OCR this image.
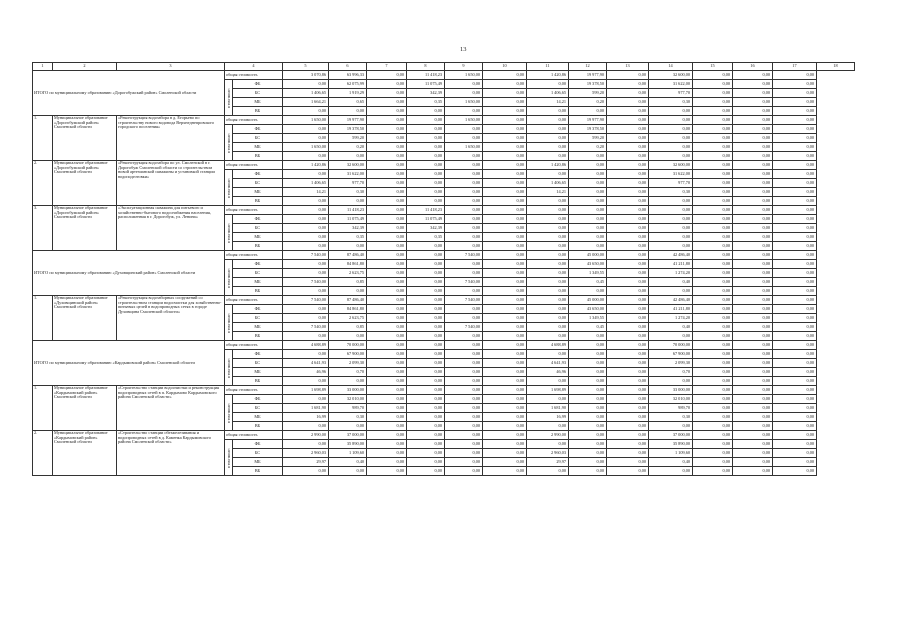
13
1	2	3	4		5	6	7	8	9	10	11	12	13	14	15	16	17	18
ИТОГО по муниципальному образованию «Дорогобужский район» Смоленской области			общая стоимость		3 070,86	63 996,33	0,00	11 418,23	1 650,00	0,00	1 420,86	19 977,90	0,00	32 600,00	0,00	0,00	0,00	

			в том числе:	ФБ	0,00	62 075,99	0,00	11 075,49	0,00	0,00	0,00	19 378,50	0,00	31 622,00	0,00	0,00	0,00	
				БС	1 406,65	1 919,29	0,00	342,39	0,00	0,00	1 406,65	599,20	0,00	977,70	0,00	0,00	0,00	
				МБ	1 664,21	0,65	0,00	0,35	1 650,00	0,00	14,21	0,20	0,00	0,30	0,00	0,00	0,00	
				ВБ	0,00	0,00	0,00	0,00	0,00	0,00	0,00	0,00	0,00	0,00	0,00	0,00	0,00	
1.	Муниципальное образование «Дорогобужский район» Смоленской области	«Реконструкция водозабора в д. Егорьево по строительству нового водовода Верхнеднепровского городского поселения»	общая стоимость		1 650,00	19 977,90	0,00	0,00	1 650,00	0,00	0,00	19 977,90	0,00	0,00	0,00	0,00	0,00	

			в том числе:	ФБ	0,00	19 378,50	0,00	0,00	0,00	0,00	0,00	19 378,50	0,00	0,00	0,00	0,00	0,00	
				БС	0,00	599,20	0,00	0,00	0,00	0,00	0,00	599,20	0,00	0,00	0,00	0,00	0,00	
				МБ	1 650,00	0,20	0,00	0,00	1 650,00	0,00	0,00	0,20	0,00	0,00	0,00	0,00	0,00	
				ВБ	0,00	0,00	0,00	0,00	0,00	0,00	0,00	0,00	0,00	0,00	0,00	0,00	0,00	
2.	Муниципальное образование «Дорогобужский район» Смоленской области	«Реконструкция водозабора по ул. Смоленской в г. Дорогобуж Смоленской области со строительством новой артезианской скважины и установкой станции водоподготовки»	общая стоимость		1 420,86	32 600,00	0,00	0,00	0,00	0,00	1 420,86	0,00	0,00	32 600,00	0,00	0,00	0,00	

			в том числе:	ФБ	0,00	31 622,00	0,00	0,00	0,00	0,00	0,00	0,00	0,00	31 622,00	0,00	0,00	0,00	
				БС	1 406,65	977,70	0,00	0,00	0,00	0,00	1 406,65	0,00	0,00	977,70	0,00	0,00	0,00	
				МБ	14,21	0,30	0,00	0,00	0,00	0,00	14,21	0,00	0,00	0,30	0,00	0,00	0,00	
				ВБ	0,00	0,00	0,00	0,00	0,00	0,00	0,00	0,00	0,00	0,00	0,00	0,00	0,00	
3.	Муниципальное образование «Дорогобужский район» Смоленской области	«Эксплуатационная скважина для питьевого и хозяйственно-бытового водоснабжения населения, расположенная в г. Дорогобуж, ул. Ленина»	общая стоимость		0,00	11 418,23	0,00	11 418,23	0,00	0,00	0,00	0,00	0,00	0,00	0,00	0,00	0,00	

			в том числе:	ФБ	0,00	11 075,49	0,00	11 075,49	0,00	0,00	0,00	0,00	0,00	0,00	0,00	0,00	0,00	
				БС	0,00	342,39	0,00	342,39	0,00	0,00	0,00	0,00	0,00	0,00	0,00	0,00	0,00	
				МБ	0,00	0,35	0,00	0,35	0,00	0,00	0,00	0,00	0,00	0,00	0,00	0,00	0,00	
				ВБ	0,00	0,00	0,00	0,00	0,00	0,00	0,00	0,00	0,00	0,00	0,00	0,00	0,00	
ИТОГО по муниципальному образованию «Духовщинский район» Смоленской области			общая стоимость		7 540,00	87 486,40	0,00	0,00	7 540,00	0,00	0,00	45 000,00	0,00	42 486,40	0,00	0,00	0,00	

			в том числе:	ФБ	0,00	84 861,80	0,00	0,00	0,00	0,00	0,00	43 650,00	0,00	41 211,80	0,00	0,00	0,00	
				БС	0,00	2 623,75	0,00	0,00	0,00	0,00	0,00	1 349,55	0,00	1 274,20	0,00	0,00	0,00	
				МБ	7 540,00	0,85	0,00	0,00	7 540,00	0,00	0,00	0,45	0,00	0,40	0,00	0,00	0,00	
				ВБ	0,00	0,00	0,00	0,00	0,00	0,00	0,00	0,00	0,00	0,00	0,00	0,00	0,00	
1.	Муниципальное образование «Духовщинский район» Смоленской области	«Реконструкция водозаборных сооружений со строительством станции водоочистки для хозяйственно-питьевых целей в водопроводных сетях в городе Духовщина Смоленской области»	общая стоимость		7 540,00	87 486,40	0,00	0,00	7 540,00	0,00	0,00	45 000,00	0,00	42 486,40	0,00	0,00	0,00	

			в том числе:	ФБ	0,00	84 861,80	0,00	0,00	0,00	0,00	0,00	43 650,00	0,00	41 211,80	0,00	0,00	0,00	
				БС	0,00	2 623,75	0,00	0,00	0,00	0,00	0,00	1 349,55	0,00	1 274,20	0,00	0,00	0,00	
				МБ	7 540,00	0,85	0,00	0,00	7 540,00	0,00	0,00	0,45	0,00	0,40	0,00	0,00	0,00	
				ВБ	0,00	0,00	0,00	0,00	0,00	0,00	0,00	0,00	0,00	0,00	0,00	0,00	0,00	
ИТОГО по муниципальному образованию «Кардымовский район» Смоленской области			общая стоимость		4 688,89	70 000,00	0,00	0,00	0,00	0,00	4 688,89	0,00	0,00	70 000,00	0,00	0,00	0,00	

			в том числе:	ФБ	0,00	67 900,00	0,00	0,00	0,00	0,00	0,00	0,00	0,00	67 900,00	0,00	0,00	0,00	
				БС	4 641,93	2 099,30	0,00	0,00	0,00	0,00	4 641,93	0,00	0,00	2 099,30	0,00	0,00	0,00	
				МБ	46,96	0,70	0,00	0,00	0,00	0,00	46,96	0,00	0,00	0,70	0,00	0,00	0,00	
				ВБ	0,00	0,00	0,00	0,00	0,00	0,00	0,00	0,00	0,00	0,00	0,00	0,00	0,00	
1.	Муниципальное образование «Кардымовский район» Смоленской области	«Строительство станции водоочистки и реконструкция водопроводных сетей в п. Кардымово Кардымовского района Смоленской области»	общая стоимость		1 698,89	33 000,00	0,00	0,00	0,00	0,00	1 698,89	0,00	0,00	33 000,00	0,00	0,00	0,00	

			в том числе:	ФБ	0,00	32 010,00	0,00	0,00	0,00	0,00	0,00	0,00	0,00	32 010,00	0,00	0,00	0,00	
				БС	1 681,90	989,70	0,00	0,00	0,00	0,00	1 681,90	0,00	0,00	989,70	0,00	0,00	0,00	
				МБ	16,99	0,30	0,00	0,00	0,00	0,00	16,99	0,00	0,00	0,30	0,00	0,00	0,00	
				ВБ	0,00	0,00	0,00	0,00	0,00	0,00	0,00	0,00	0,00	0,00	0,00	0,00	0,00	
2.	Муниципальное образование «Кардымовский район» Смоленской области	«Строительство станции обезжелезивания и водопроводных сетей в д. Каменка Кардымовского района Смоленской области»	общая стоимость		2 990,00	37 000,00	0,00	0,00	0,00	0,00	2 990,00	0,00	0,00	37 000,00	0,00	0,00	0,00	

			в том числе:	ФБ	0,00	35 890,00	0,00	0,00	0,00	0,00	0,00	0,00	0,00	35 890,00	0,00	0,00	0,00	
				БС	2 960,03	1 109,60	0,00	0,00	0,00	0,00	2 960,03	0,00	0,00	1 109,60	0,00	0,00	0,00	
				МБ	29,97	0,40	0,00	0,00	0,00	0,00	29,97	0,00	0,00	0,40	0,00	0,00	0,00	
				ВБ	0,00	0,00	0,00	0,00	0,00	0,00	0,00	0,00	0,00	0,00	0,00	0,00	0,00	
